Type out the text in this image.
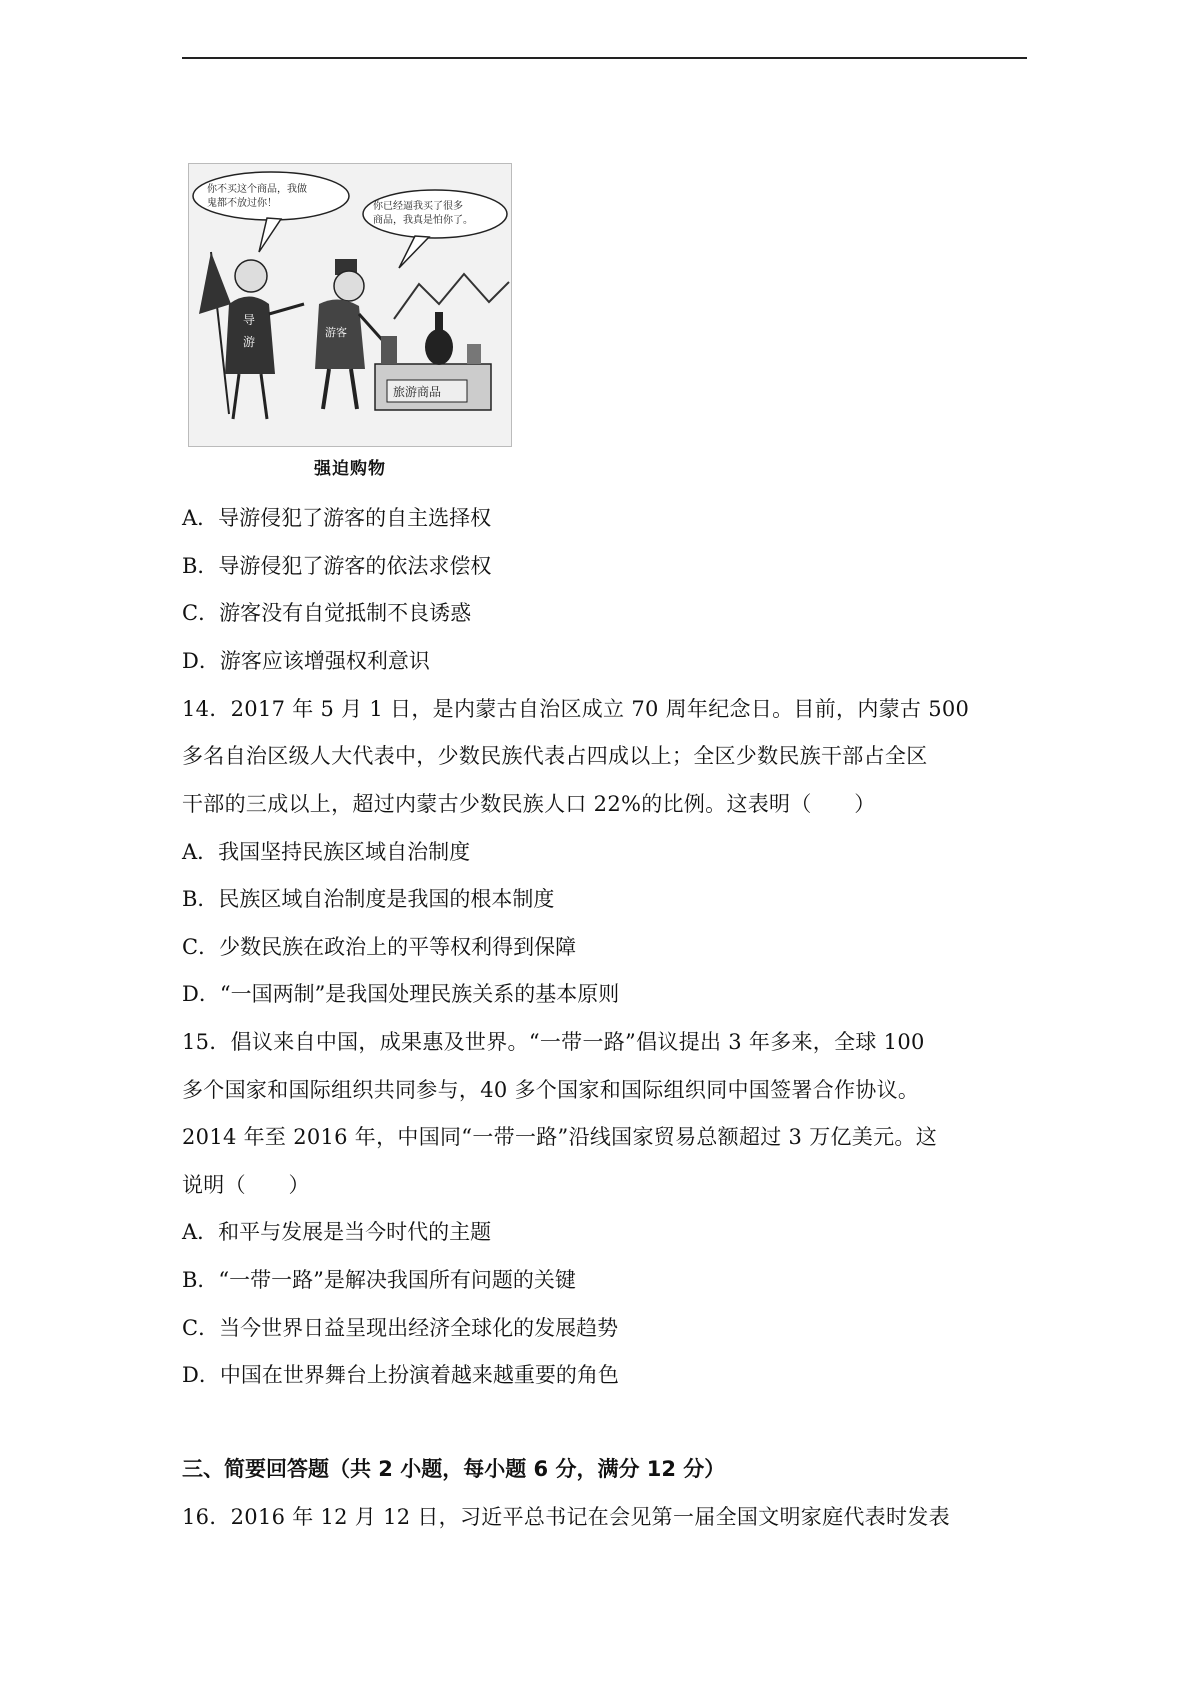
你不买这个商品，我做
鬼都不放过你！	你已经逼我买了很多
商品，我真是怕你了。
导
游
游客
旅游商品
强迫购物
A．导游侵犯了游客的自主选择权
B．导游侵犯了游客的依法求偿权
C．游客没有自觉抵制不良诱惑
D．游客应该增强权利意识
14．2017 年 5 月 1 日，是内蒙古自治区成立 70 周年纪念日。目前，内蒙古 500
多名自治区级人大代表中，少数民族代表占四成以上；全区少数民族干部占全区
干部的三成以上，超过内蒙古少数民族人口 22%的比例。这表明（　　）
A．我国坚持民族区域自治制度
B．民族区域自治制度是我国的根本制度
C．少数民族在政治上的平等权利得到保障
D．“一国两制”是我国处理民族关系的基本原则
15．倡议来自中国，成果惠及世界。“一带一路”倡议提出 3 年多来，全球 100
多个国家和国际组织共同参与，40 多个国家和国际组织同中国签署合作协议。
2014 年至 2016 年，中国同“一带一路”沿线国家贸易总额超过 3 万亿美元。这
说明（　　）
A．和平与发展是当今时代的主题
B．“一带一路”是解决我国所有问题的关键
C．当今世界日益呈现出经济全球化的发展趋势
D．中国在世界舞台上扮演着越来越重要的角色
三、简要回答题（共 2 小题，每小题 6 分，满分 12 分）
16．2016 年 12 月 12 日，习近平总书记在会见第一届全国文明家庭代表时发表
